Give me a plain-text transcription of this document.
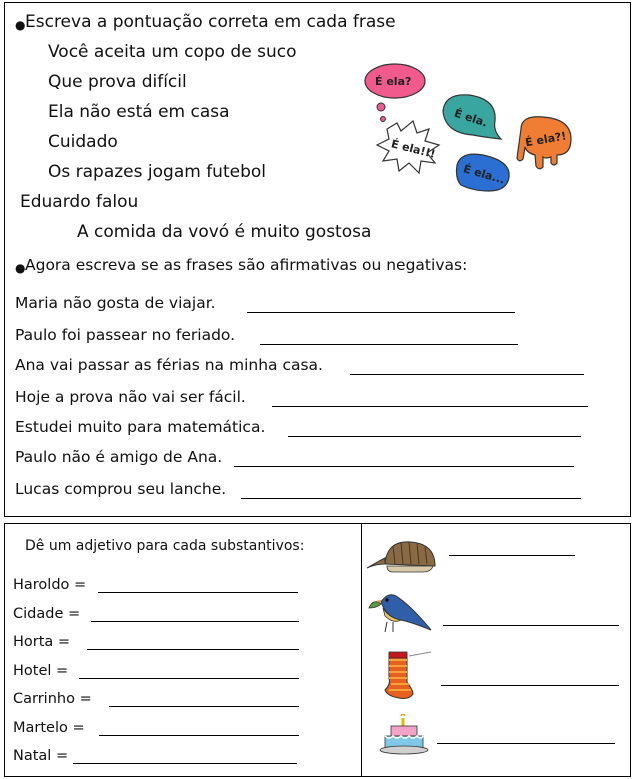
● Escreva a pontuação correta em cada frase
Você aceita um copo de suco
Que prova difícil
Ela não está em casa
Cuidado
Os rapazes jogam futebol
Eduardo falou
A comida da vovó é muito gostosa
É ela?
É ela.
É ela!!!
É ela...
É ela?!
● Agora escreva se as frases são afirmativas ou negativas:
Maria não gosta de viajar.
Paulo foi passear no feriado.
Ana vai passar as férias na minha casa.
Hoje a prova não vai ser fácil.
Estudei muito para matemática.
Paulo não é amigo de Ana.
Lucas comprou seu lanche.
Dê um adjetivo para cada substantivos:
Haroldo =
Cidade =
Horta =
Hotel =
Carrinho =
Martelo =
Natal =
